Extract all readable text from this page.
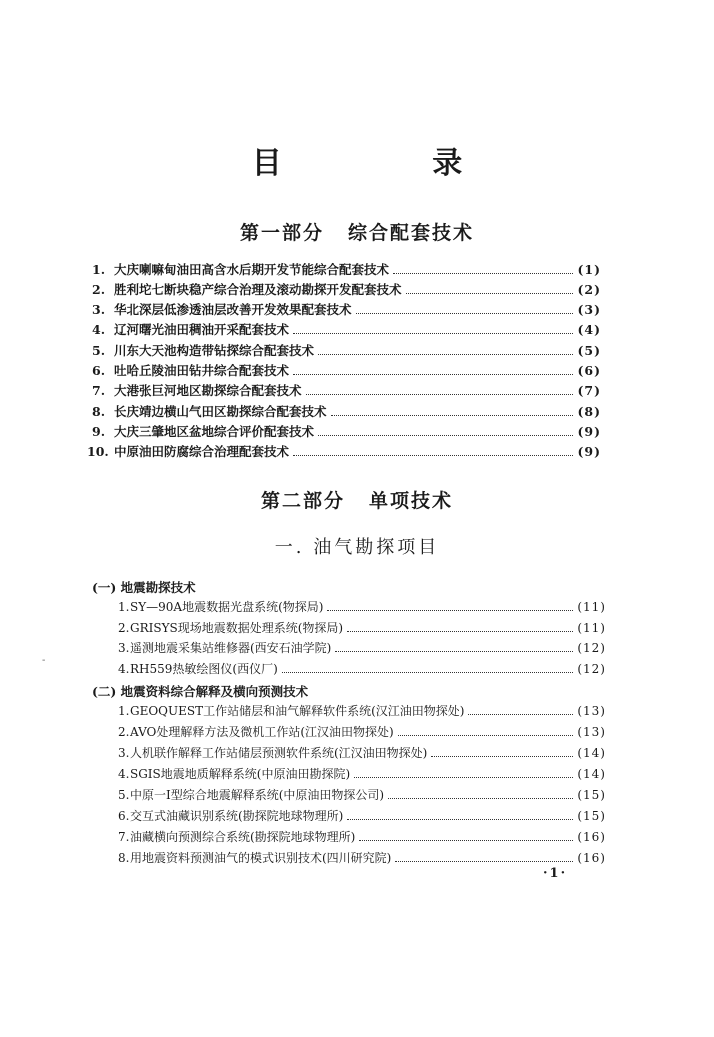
目 录
第一部分 综合配套技术
1. 大庆喇嘛甸油田高含水后期开发节能综合配套技术	(1)
2. 胜利坨七断块稳产综合治理及滚动勘探开发配套技术	(2)
3. 华北深层低渗透油层改善开发效果配套技术	(3)
4. 辽河曙光油田稠油开采配套技术	(4)
5. 川东大天池构造带钻探综合配套技术	(5)
6. 吐哈丘陵油田钻井综合配套技术	(6)
7. 大港张巨河地区勘探综合配套技术	(7)
8. 长庆靖边横山气田区勘探综合配套技术	(8)
9. 大庆三肇地区盆地综合评价配套技术	(9)
10. 中原油田防腐综合治理配套技术	(9)
第二部分 单项技术
一. 油气勘探项目
(一) 地震勘探技术
1. SY—90A地震数据光盘系统(物探局)	(11)
2. GRISYS现场地震数据处理系统(物探局)	(11)
3. 遥测地震采集站维修器(西安石油学院)	(12)
4. RH559热敏绘图仪(西仪厂)	(12)
(二) 地震资料综合解释及横向预测技术
1. GEOQUEST工作站储层和油气解释软件系统(汉江油田物探处)	(13)
2. AVO处理解释方法及微机工作站(江汉油田物探处)	(13)
3. 人机联作解释工作站储层预测软件系统(江汉油田物探处)	(14)
4. SGIS地震地质解释系统(中原油田勘探院)	(14)
5. 中原一Ⅰ型综合地震解释系统(中原油田物探公司)	(15)
6. 交互式油藏识别系统(勘探院地球物理所)	(15)
7. 油藏横向预测综合系统(勘探院地球物理所)	(16)
8. 用地震资料预测油气的模式识别技术(四川研究院)	(16)
-
·1·
